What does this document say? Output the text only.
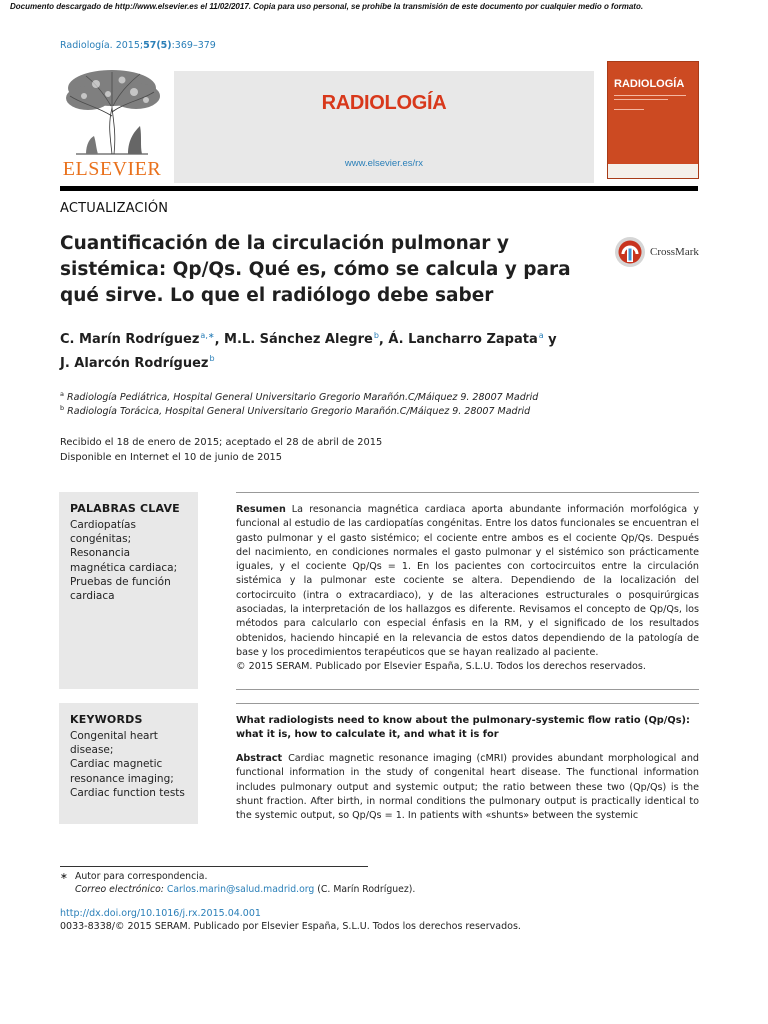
Documento descargado de http://www.elsevier.es el 11/02/2017. Copia para uso personal, se prohíbe la transmisión de este documento por cualquier medio o formato.
Radiología. 2015;57(5):369–379
ELSEVIER
RADIOLOGÍA
www.elsevier.es/rx
RADIOLOGÍA
ACTUALIZACIÓN
Cuantificación de la circulación pulmonar y sistémica: Qp/Qs. Qué es, cómo se calcula y para qué sirve. Lo que el radiólogo debe saber
CrossMark
C. Marín Rodríguez$^{a,∗}$, M.L. Sánchez Alegre$^b$, Á. Lancharro Zapata$^a$ y
J. Alarcón Rodríguez$^b$
$^a$ Radiología Pediátrica, Hospital General Universitario Gregorio Marañón.C/Máiquez 9. 28007 Madrid
$^b$ Radiología Torácica, Hospital General Universitario Gregorio Marañón.C/Máiquez 9. 28007 Madrid
Recibido el 18 de enero de 2015; aceptado el 28 de abril de 2015
Disponible en Internet el 10 de junio de 2015
PALABRAS CLAVE
Cardiopatías
congénitas;
Resonancia
magnética cardiaca;
Pruebas de función
cardiaca
Resumen La resonancia magnética cardiaca aporta abundante información morfológica y funcional al estudio de las cardiopatías congénitas. Entre los datos funcionales se encuentran el gasto pulmonar y el gasto sistémico; el cociente entre ambos es el cociente Qp/Qs. Después del nacimiento, en condiciones normales el gasto pulmonar y el sistémico son prácticamente iguales, y el cociente Qp/Qs = 1. En los pacientes con cortocircuitos entre la circulación sistémica y la pulmonar este cociente se altera. Dependiendo de la localización del cortocircuito (intra o extracardiaco), y de las alteraciones estructurales o posquirúrgicas asociadas, la interpretación de los hallazgos es diferente. Revisamos el concepto de Qp/Qs, los métodos para calcularlo con especial énfasis en la RM, y el significado de los resultados obtenidos, haciendo hincapié en la relevancia de estos datos dependiendo de la patología de base y los procedimientos terapéuticos que se hayan realizado al paciente.
© 2015 SERAM. Publicado por Elsevier España, S.L.U. Todos los derechos reservados.
KEYWORDS
Congenital heart
disease;
Cardiac magnetic
resonance imaging;
Cardiac function tests
What radiologists need to know about the pulmonary-systemic flow ratio (Qp/Qs): what it is, how to calculate it, and what it is for
Abstract Cardiac magnetic resonance imaging (cMRI) provides abundant morphological and functional information in the study of congenital heart disease. The functional information includes pulmonary output and systemic output; the ratio between these two (Qp/Qs) is the shunt fraction. After birth, in normal conditions the pulmonary output is practically identical to the systemic output, so Qp/Qs = 1. In patients with «shunts» between the systemic
∗ Autor para correspondencia.
Correo electrónico: Carlos.marin@salud.madrid.org (C. Marín Rodríguez).
http://dx.doi.org/10.1016/j.rx.2015.04.001
0033-8338/© 2015 SERAM. Publicado por Elsevier España, S.L.U. Todos los derechos reservados.
